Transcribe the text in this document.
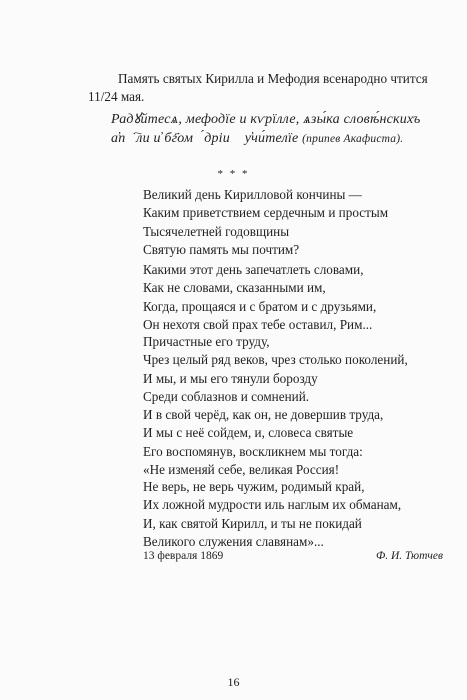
Память святых Кирилла и Мефодия всенародно чтится 11/24 мая.
Радꙋйтесѧ, мефодїе и кѵрїлле, ѧзы́ка словѣ́нскихъ
а҆пⷭ҇ли и҆ бг҃омꙋ́дріи ᲂу҆чи́телїе (припев Акафиста).
* * *
Великий день Кирилловой кончины —
Каким приветствием сердечным и простым
Тысячелетней годовщины
Святую память мы почтим?
Какими этот день запечатлеть словами,
Как не словами, сказанными им,
Когда, прощаяся и с братом и с друзьями,
Он нехотя свой прах тебе оставил, Рим...
Причастные его труду,
Чрез целый ряд веков, чрез столько поколений,
И мы, и мы его тянули борозду
Среди соблазнов и сомнений.
И в свой черёд, как он, не довершив труда,
И мы с неё сойдем, и, словеса святые
Его воспомянув, воскликнем мы тогда:
«Не изменяй себе, великая Россия!
Не верь, не верь чужим, родимый край,
Их ложной мудрости иль наглым их обманам,
И, как святой Кирилл, и ты не покидай
Великого служения славянам»...
13 февраля 1869	Ф. И. Тютчев
16
